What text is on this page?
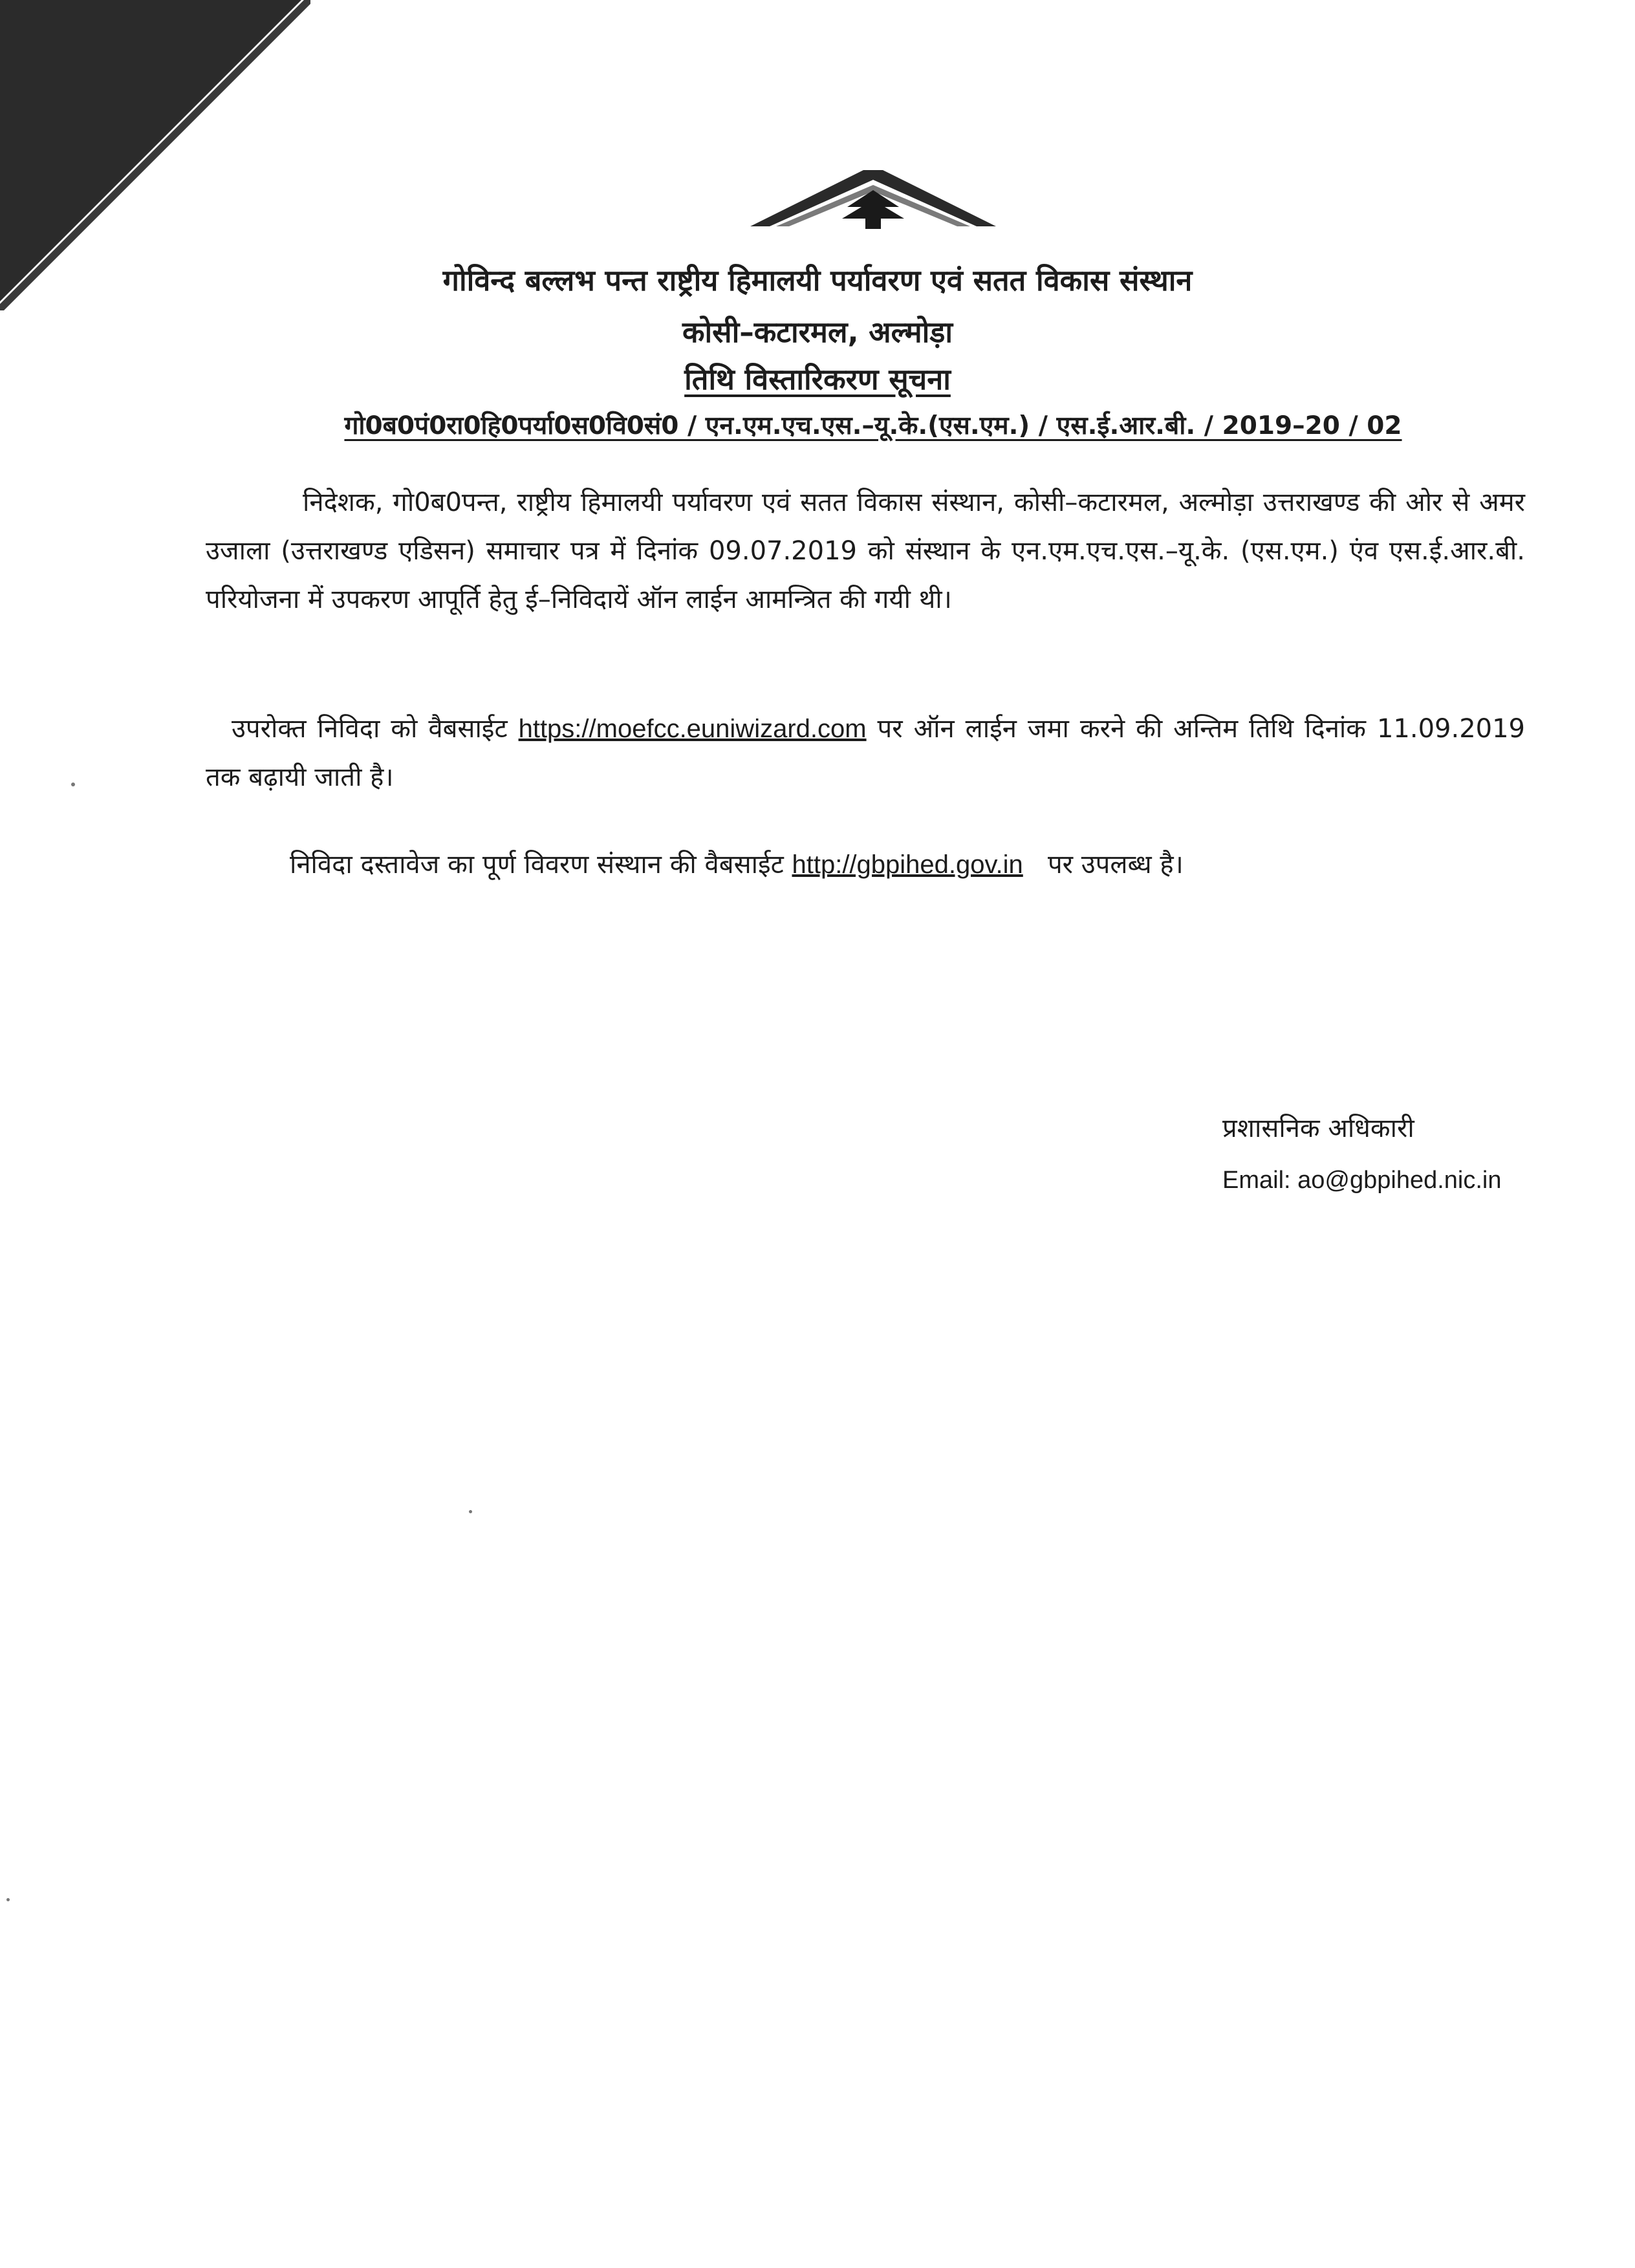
गोविन्द बल्लभ पन्त राष्ट्रीय हिमालयी पर्यावरण एवं सतत विकास संस्थान
कोसी–कटारमल, अल्मोड़ा
तिथि विस्तारिकरण सूचना
गो0ब0पं0रा0हि0पर्या0स0वि0सं0 / एन.एम.एच.एस.–यू.के.(एस.एम.) / एस.ई.आर.बी. / 2019–20 / 02
निदेशक, गो0ब0पन्त, राष्ट्रीय हिमालयी पर्यावरण एवं सतत विकास संस्थान, कोसी–कटारमल, अल्मोड़ा उत्तराखण्ड की ओर से अमर उजाला (उत्तराखण्ड एडिसन) समाचार पत्र में दिनांक 09.07.2019 को संस्थान के एन.एम.एच.एस.–यू.के. (एस.एम.) एंव एस.ई.आर.बी. परियोजना में उपकरण आपूर्ति हेतु ई–निविदायें ऑन लाईन आमन्त्रित की गयी थी।
उपरोक्त निविदा को वैबसाईट https://moefcc.euniwizard.com पर ऑन लाईन जमा करने की अन्तिम तिथि दिनांक 11.09.2019 तक बढ़ायी जाती है।
निविदा दस्तावेज का पूर्ण विवरण संस्थान की वैबसाईट http://gbpihed.gov.in पर उपलब्ध है।
प्रशासनिक अधिकारी
Email: ao@gbpihed.nic.in
